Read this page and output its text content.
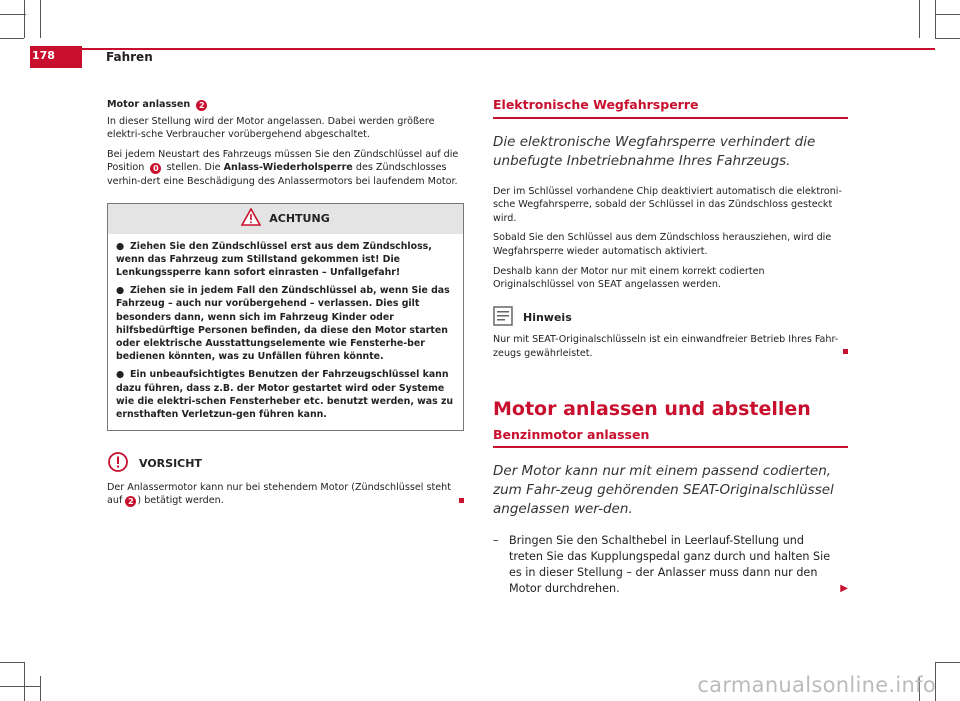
178	Fahren

Motor anlassen 2

In dieser Stellung wird der Motor angelassen. Dabei werden größere elektri-sche Verbraucher vorübergehend abgeschaltet.

Bei jedem Neustart des Fahrzeugs müssen Sie den Zündschlüssel auf die Position 0 stellen. Die Anlass-Wiederholsperre des Zündschlosses verhin-dert eine Beschädigung des Anlassermotors bei laufendem Motor.

ACHTUNG

● Ziehen Sie den Zündschlüssel erst aus dem Zündschloss, wenn das Fahrzeug zum Stillstand gekommen ist! Die Lenkungssperre kann sofort einrasten – Unfallgefahr!

● Ziehen sie in jedem Fall den Zündschlüssel ab, wenn Sie das Fahrzeug – auch nur vorübergehend – verlassen. Dies gilt besonders dann, wenn sich im Fahrzeug Kinder oder hilfsbedürftige Personen befinden, da diese den Motor starten oder elektrische Ausstattungselemente wie Fensterhe-ber bedienen könnten, was zu Unfällen führen könnte.

● Ein unbeaufsichtigtes Benutzen der Fahrzeugschlüssel kann dazu führen, dass z.B. der Motor gestartet wird oder Systeme wie die elektri-schen Fensterheber etc. benutzt werden, was zu ernsthaften Verletzun-gen führen kann.

VORSICHT

Der Anlassermotor kann nur bei stehendem Motor (Zündschlüssel steht auf 2 ) betätigt werden.

Elektronische Wegfahrsperre
Die elektronische Wegfahrsperre verhindert die unbefugte Inbetriebnahme Ihres Fahrzeugs.

Der im Schlüssel vorhandene Chip deaktiviert automatisch die elektroni-sche Wegfahrsperre, sobald der Schlüssel in das Zündschloss gesteckt wird.

Sobald Sie den Schlüssel aus dem Zündschloss herausziehen, wird die Wegfahrsperre wieder automatisch aktiviert.

Deshalb kann der Motor nur mit einem korrekt codierten Originalschlüssel von SEAT angelassen werden.

Hinweis

Nur mit SEAT-Originalschlüsseln ist ein einwandfreier Betrieb Ihres Fahr-zeugs gewährleistet.

Motor anlassen und abstellen
Benzinmotor anlassen
Der Motor kann nur mit einem passend codierten, zum Fahr-zeug gehörenden SEAT-Originalschlüssel angelassen wer-den.
– Bringen Sie den Schalthebel in Leerlauf-Stellung und treten Sie das Kupplungspedal ganz durch und halten Sie es in dieser Stellung – der Anlasser muss dann nur den Motor durchdrehen.	▶
carmanualsonline.info
